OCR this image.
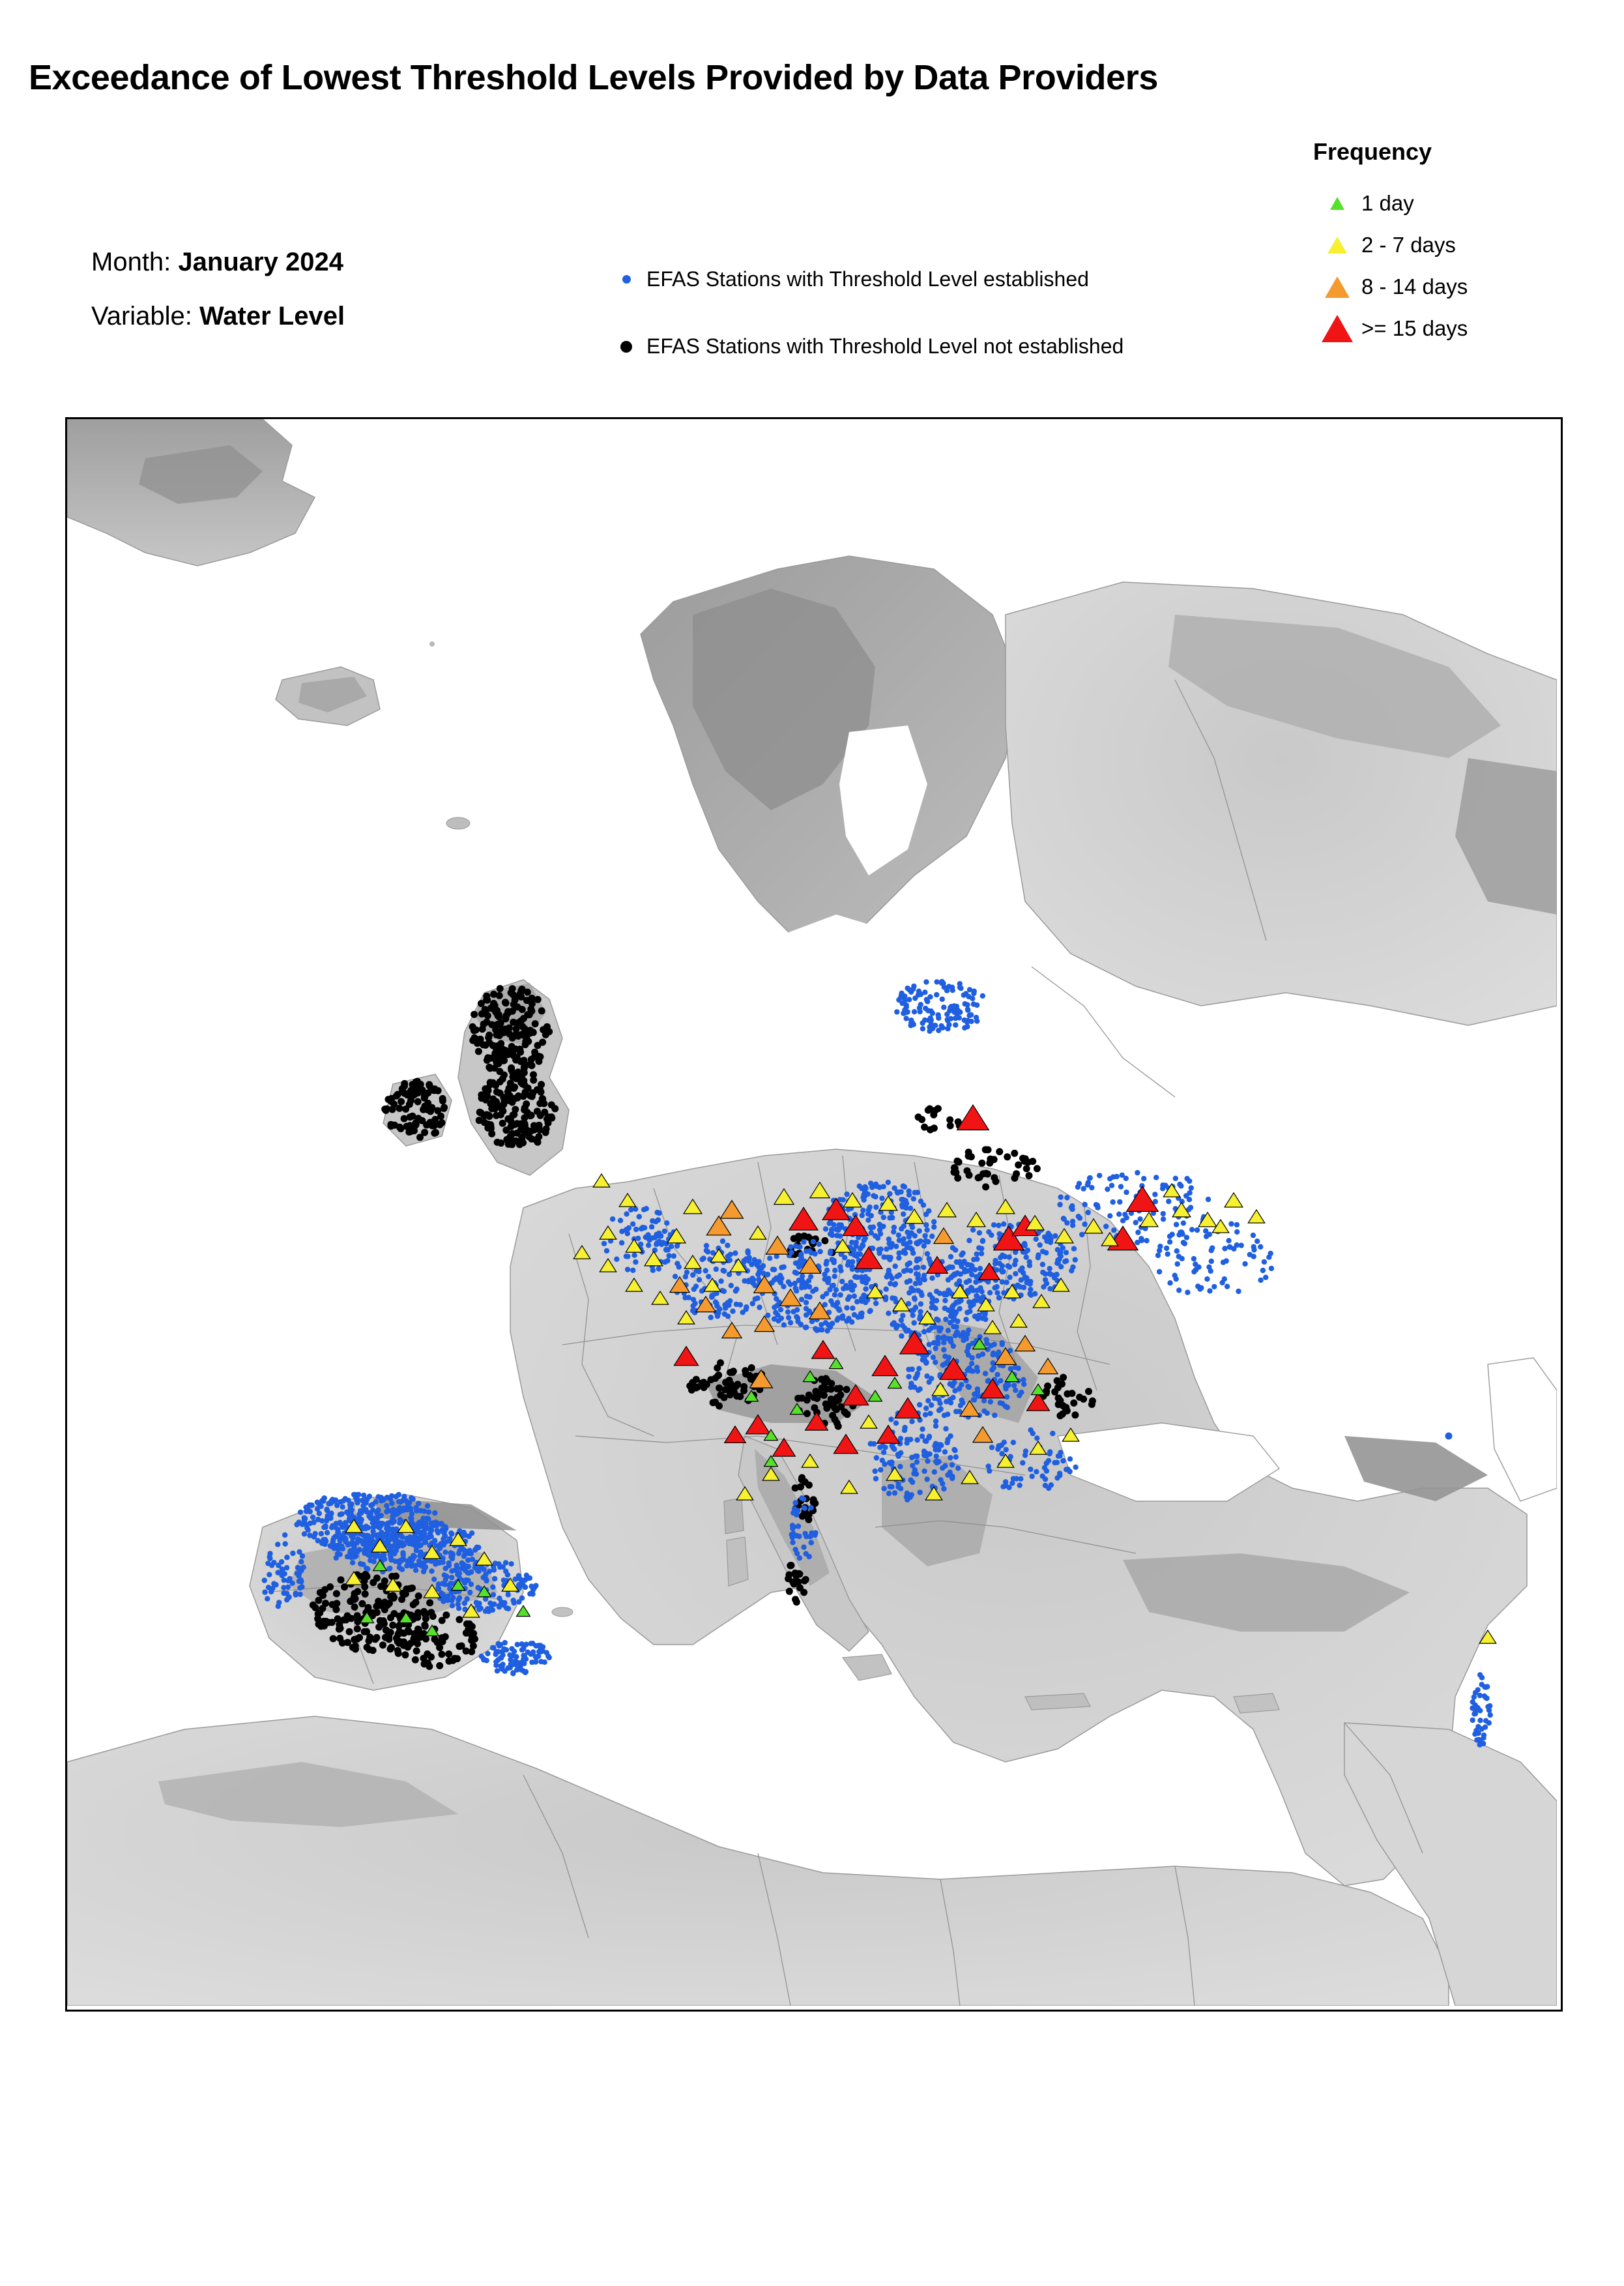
Exceedance of Lowest Threshold Levels Provided by Data Providers
Month: January 2024
Variable: Water Level
EFAS Stations with Threshold Level established
EFAS Stations with Threshold Level not established
Frequency
1 day
2 - 7 days
8 - 14 days
>= 15 days
